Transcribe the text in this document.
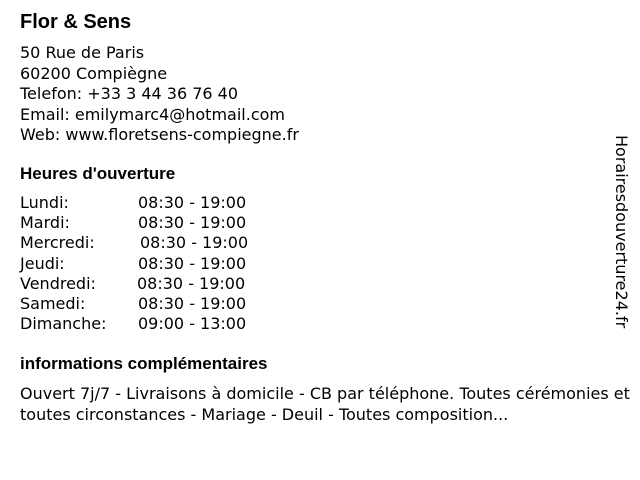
Flor & Sens
50 Rue de Paris
60200 Compiègne
Telefon: +33 3 44 36 76 40
Email: emilymarc4@hotmail.com
Web: www.floretsens-compiegne.fr
Heures d'ouverture
Lundi:	08:30 - 19:00
Mardi:	08:30 - 19:00
Mercredi:	08:30 - 19:00
Jeudi:	08:30 - 19:00
Vendredi:	08:30 - 19:00
Samedi:	08:30 - 19:00
Dimanche:	09:00 - 13:00
informations complémentaires
Ouvert 7j/7 - Livraisons à domicile - CB par téléphone. Toutes cérémonies et toutes circonstances - Mariage - Deuil - Toutes composition...
Horairesdouverture24.fr
